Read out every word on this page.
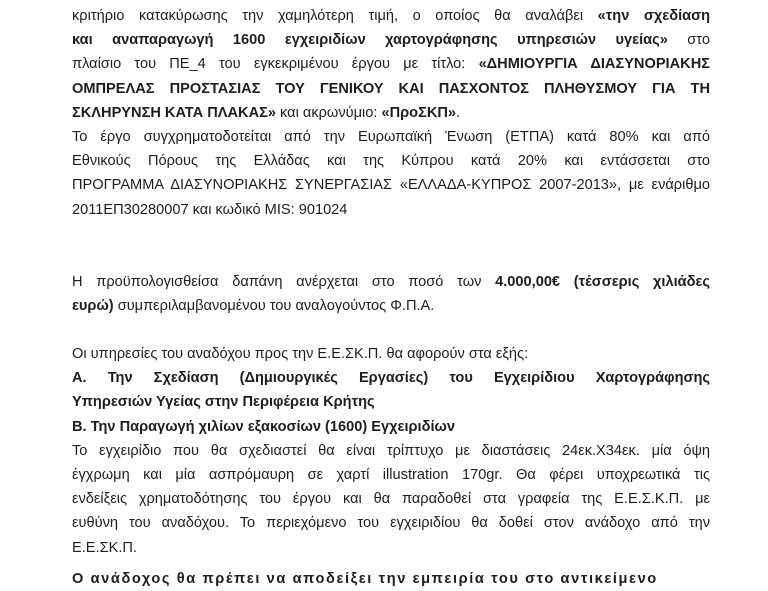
κριτήριο κατακύρωσης την χαμηλότερη τιμή, ο οποίος θα αναλάβει «την σχεδίαση
και αναπαραγωγή 1600 εγχειριδίων χαρτογράφησης υπηρεσιών υγείας» στο
πλαίσιο του ΠΕ_4 του εγκεκριμένου έργου με τίτλο: «ΔΗΜΙΟΥΡΓΙΑ ΔΙΑΣΥΝΟΡΙΑΚΗΣ
ΟΜΠΡΕΛΑΣ ΠΡΟΣΤΑΣΙΑΣ ΤΟΥ ΓΕΝΙΚΟΥ ΚΑΙ ΠΑΣΧΟΝΤΟΣ ΠΛΗΘΥΣΜΟΥ ΓΙΑ ΤΗ
ΣΚΛΗΡΥΝΣΗ ΚΑΤΑ ΠΛΑΚΑΣ» και ακρωνύμιο: «ΠροΣΚΠ».
Το έργο συγχρηματοδοτείται από την Ευρωπαϊκή Ένωση (ΕΤΠΑ) κατά 80% και από
Εθνικούς Πόρους της Ελλάδας και της Κύπρου κατά 20% και εντάσσεται στο
ΠΡΟΓΡΑΜΜΑ ΔΙΑΣΥΝΟΡΙΑΚΗΣ ΣΥΝΕΡΓΑΣΙΑΣ «ΕΛΛΑΔΑ-ΚΥΠΡΟΣ 2007-2013», με ενάριθμο
2011ΕΠ30280007 και κωδικό MIS: 901024
Η προϋπολογισθείσα δαπάνη ανέρχεται στο ποσό των 4.000,00€ (τέσσερις χιλιάδες
ευρώ) συμπεριλαμβανομένου του αναλογούντος Φ.Π.Α.
Οι υπηρεσίες του αναδόχου προς την Ε.Ε.ΣΚ.Π. θα αφορούν στα εξής:
Α. Την Σχεδίαση (Δημιουργικές Εργασίες) του Εγχειρίδιου Χαρτογράφησης
Υπηρεσιών Υγείας στην Περιφέρεια Κρήτης
Β. Την Παραγωγή χιλίων εξακοσίων (1600) Εγχειριδίων
Το εγχειρίδιο που θα σχεδιαστεί θα είναι τρίπτυχο με διαστάσεις 24εκ.Χ34εκ. μία όψη
έγχρωμη και μία ασπρόμαυρη σε χαρτί illustration 170gr. Θα φέρει υποχρεωτικά τις
ενδείξεις χρηματοδότησης του έργου και θα παραδοθεί στα γραφεία της Ε.Ε.Σ.Κ.Π. με
ευθύνη του αναδόχου. Το περιεχόμενο του εγχειριδίου θα δοθεί στον ανάδοχο από την
Ε.Ε.ΣΚ.Π.
Ο ανάδοχος θα πρέπει να αποδείξει την εμπειρία του στο αντικείμενο
